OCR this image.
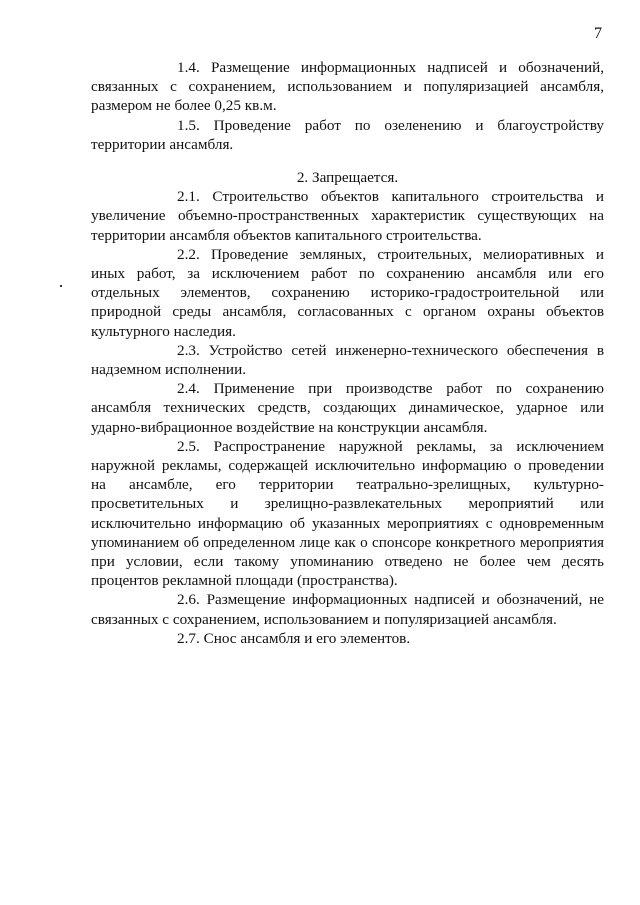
7

1.4. Размещение информационных надписей и обозначений, связанных с сохранением, использованием и популяризацией ансамбля, размером не более 0,25 кв.м.

1.5. Проведение работ по озеленению и благоустройству территории ансамбля.

2. Запрещается.

2.1. Строительство объектов капитального строительства и увеличение объемно-пространственных характеристик существующих на территории ансамбля объектов капитального строительства.

2.2. Проведение земляных, строительных, мелиоративных и иных работ, за исключением работ по сохранению ансамбля или его отдельных элементов, сохранению историко-градостроительной или природной среды ансамбля, согласованных с органом охраны объектов культурного наследия.

2.3. Устройство сетей инженерно-технического обеспечения в надземном исполнении.

2.4. Применение при производстве работ по сохранению ансамбля технических средств, создающих динамическое, ударное или ударно-вибрационное воздействие на конструкции ансамбля.

2.5. Распространение наружной рекламы, за исключением наружной рекламы, содержащей исключительно информацию о проведении на ансамбле, его территории театрально-зрелищных, культурно-просветительных и зрелищно-развлекательных мероприятий или исключительно информацию об указанных мероприятиях с одновременным упоминанием об определенном лице как о спонсоре конкретного мероприятия при условии, если такому упоминанию отведено не более чем десять процентов рекламной площади (пространства).

2.6. Размещение информационных надписей и обозначений, не связанных с сохранением, использованием и популяризацией ансамбля.

2.7. Снос ансамбля и его элементов.
